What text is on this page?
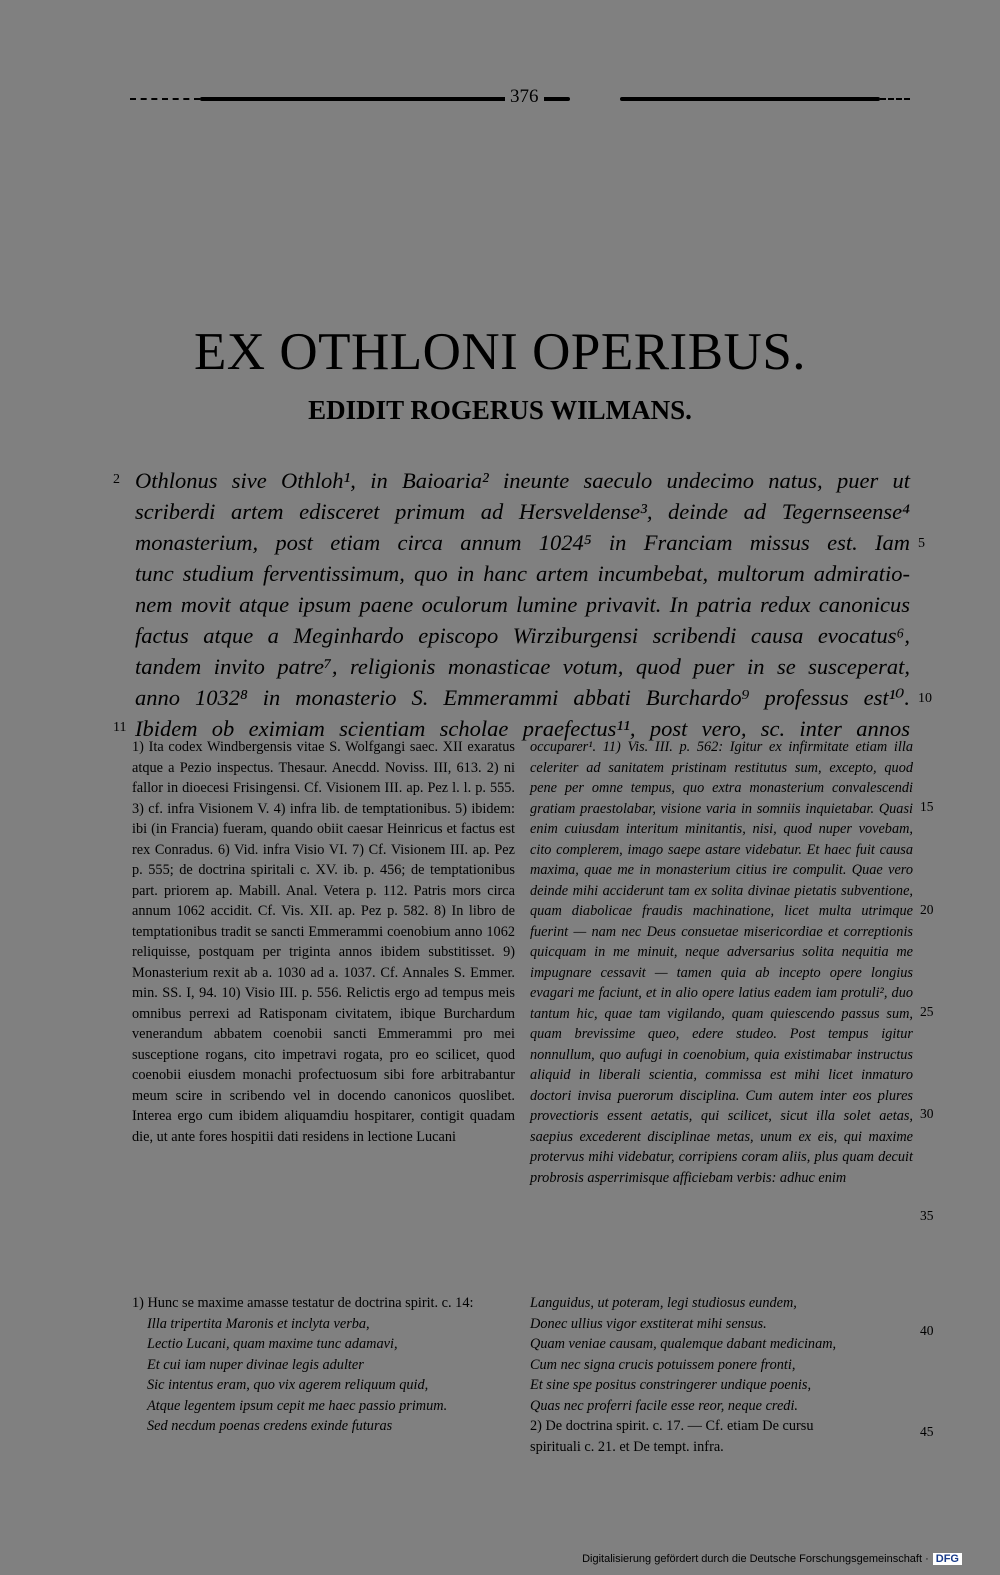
376
EX OTHLONI OPERIBUS.
EDIDIT ROGERUS WILMANS.
2 Othlonus sive Othloh¹, in Baioaria² ineunte saeculo undecimo natus, puer ut
scriberdi artem edisceret primum ad Hersveldense³, deinde ad Tegernseense⁴
monasterium, post etiam circa annum 1024⁵ in Franciam missus est. Iam 5
tunc studium ferventissimum, quo in hanc artem incumbebat, multorum admiratio-
nem movit atque ipsum paene oculorum lumine privavit. In patria redux canonicus
factus atque a Meginhardo episcopo Wirziburgensi scribendi causa evocatus⁶,
tandem invito patre⁷, religionis monasticae votum, quod puer in se susceperat,
anno 1032⁸ in monasterio S. Emmerammi abbati Burchardo⁹ professus est¹⁰. 10
11 Ibidem ob eximiam scientiam scholae praefectus¹¹, post vero, sc. inter annos

1) Ita codex Windbergensis vitae S. Wolfgangi saec. XII exaratus atque a Pezio inspectus. Thesaur. Anecdd. Noviss. III, 613. 2) ni fallor in dioecesi Frisingensi. Cf. Visionem III. ap. Pez l. l. p. 555. 3) cf. infra Visionem V. 4) infra lib. de temptationibus. 5) ibidem: ibi (in Francia) fueram, quando obiit caesar Heinricus et factus est rex Conradus. 6) Vid. infra Visio VI. 7) Cf. Visionem III. ap. Pez p. 555; de doctrina spiritali c. XV. ib. p. 456; de temptationibus part. priorem ap. Mabill. Anal. Vetera p. 112. Patris mors circa annum 1062 accidit. Cf. Vis. XII. ap. Pez p. 582. 8) In libro de temptationibus tradit se sancti Emmerammi coenobium anno 1062 reliquisse, postquam per triginta annos ibidem substitisset. 9) Monasterium rexit ab a. 1030 ad a. 1037. Cf. Annales S. Emmer. min. SS. I, 94. 10) Visio III. p. 556. Relictis ergo ad tempus meis omnibus perrexi ad Ratisponam civitatem, ibique Burchardum venerandum abbatem coenobii sancti Emmerammi pro mei susceptione rogans, cito impetravi rogata, pro eo scilicet, quod coenobii eiusdem monachi profectuosum sibi fore arbitrabantur meum scire in scribendo vel in docendo canonicos quoslibet. Interea ergo cum ibidem aliquamdiu hospitarer, contigit quadam die, ut ante fores hospitii dati residens in lectione Lucani

occuparer¹. 11) Vis. III. p. 562: Igitur ex infirmitate etiam illa celeriter ad sanitatem pristinam restitutus sum, excepto, quod pene per omne tempus, quo extra monasterium convalescendi gratiam praestolabar, visione varia in somniis inquietabar. Quasi enim cuiusdam interitum minitantis, nisi, quod nuper vovebam, cito complerem, imago saepe astare videbatur. Et haec fuit causa maxima, quae me in monasterium citius ire compulit. Quae vero deinde mihi acciderunt tam ex solita divinae pietatis subventione, quam diabolicae fraudis machinatione, licet multa utrimque fuerint — nam nec Deus consuetae misericordiae et correptionis quicquam in me minuit, neque adversarius solita nequitia me impugnare cessavit — tamen quia ab incepto opere longius evagari me faciunt, et in alio opere latius eadem iam protuli², duo tantum hic, quae tam vigilando, quam quiescendo passus sum, quam brevissime queo, edere studeo. Post tempus igitur nonnullum, quo aufugi in coenobium, quia existimabar instructus aliquid in liberali scientia, commissa est mihi licet inmaturo doctori invisa puerorum disciplina. Cum autem inter eos plures provectioris essent aetatis, qui scilicet, sicut illa solet aetas, saepius excederent disciplinae metas, unum ex eis, qui maxime protervus mihi videbatur, corripiens coram aliis, plus quam decuit probrosis asperrimisque afficiebam verbis: adhuc enim

15
20
25
30
35
1) Hunc se maxime amasse testatur de doctrina spirit. c. 14:
Illa tripertita Maronis et inclyta verba,
Lectio Lucani, quam maxime tunc adamavi,
Et cui iam nuper divinae legis adulter
Sic intentus eram, quo vix agerem reliquum quid,
Atque legentem ipsum cepit me haec passio primum.
Sed necdum poenas credens exinde futuras
Languidus, ut poteram, legi studiosus eundem,
Donec ullius vigor exstiterat mihi sensus.
Quam veniae causam, qualemque dabant medicinam,
Cum nec signa crucis potuissem ponere fronti,
Et sine spe positus constringerer undique poenis,
Quas nec proferri facile esse reor, neque credi.
2) De doctrina spirit. c. 17. — Cf. etiam De cursu
spirituali c. 21. et De tempt. infra.
40
45
Digitalisierung gefördert durch die Deutsche Forschungsgemeinschaft · DFG
